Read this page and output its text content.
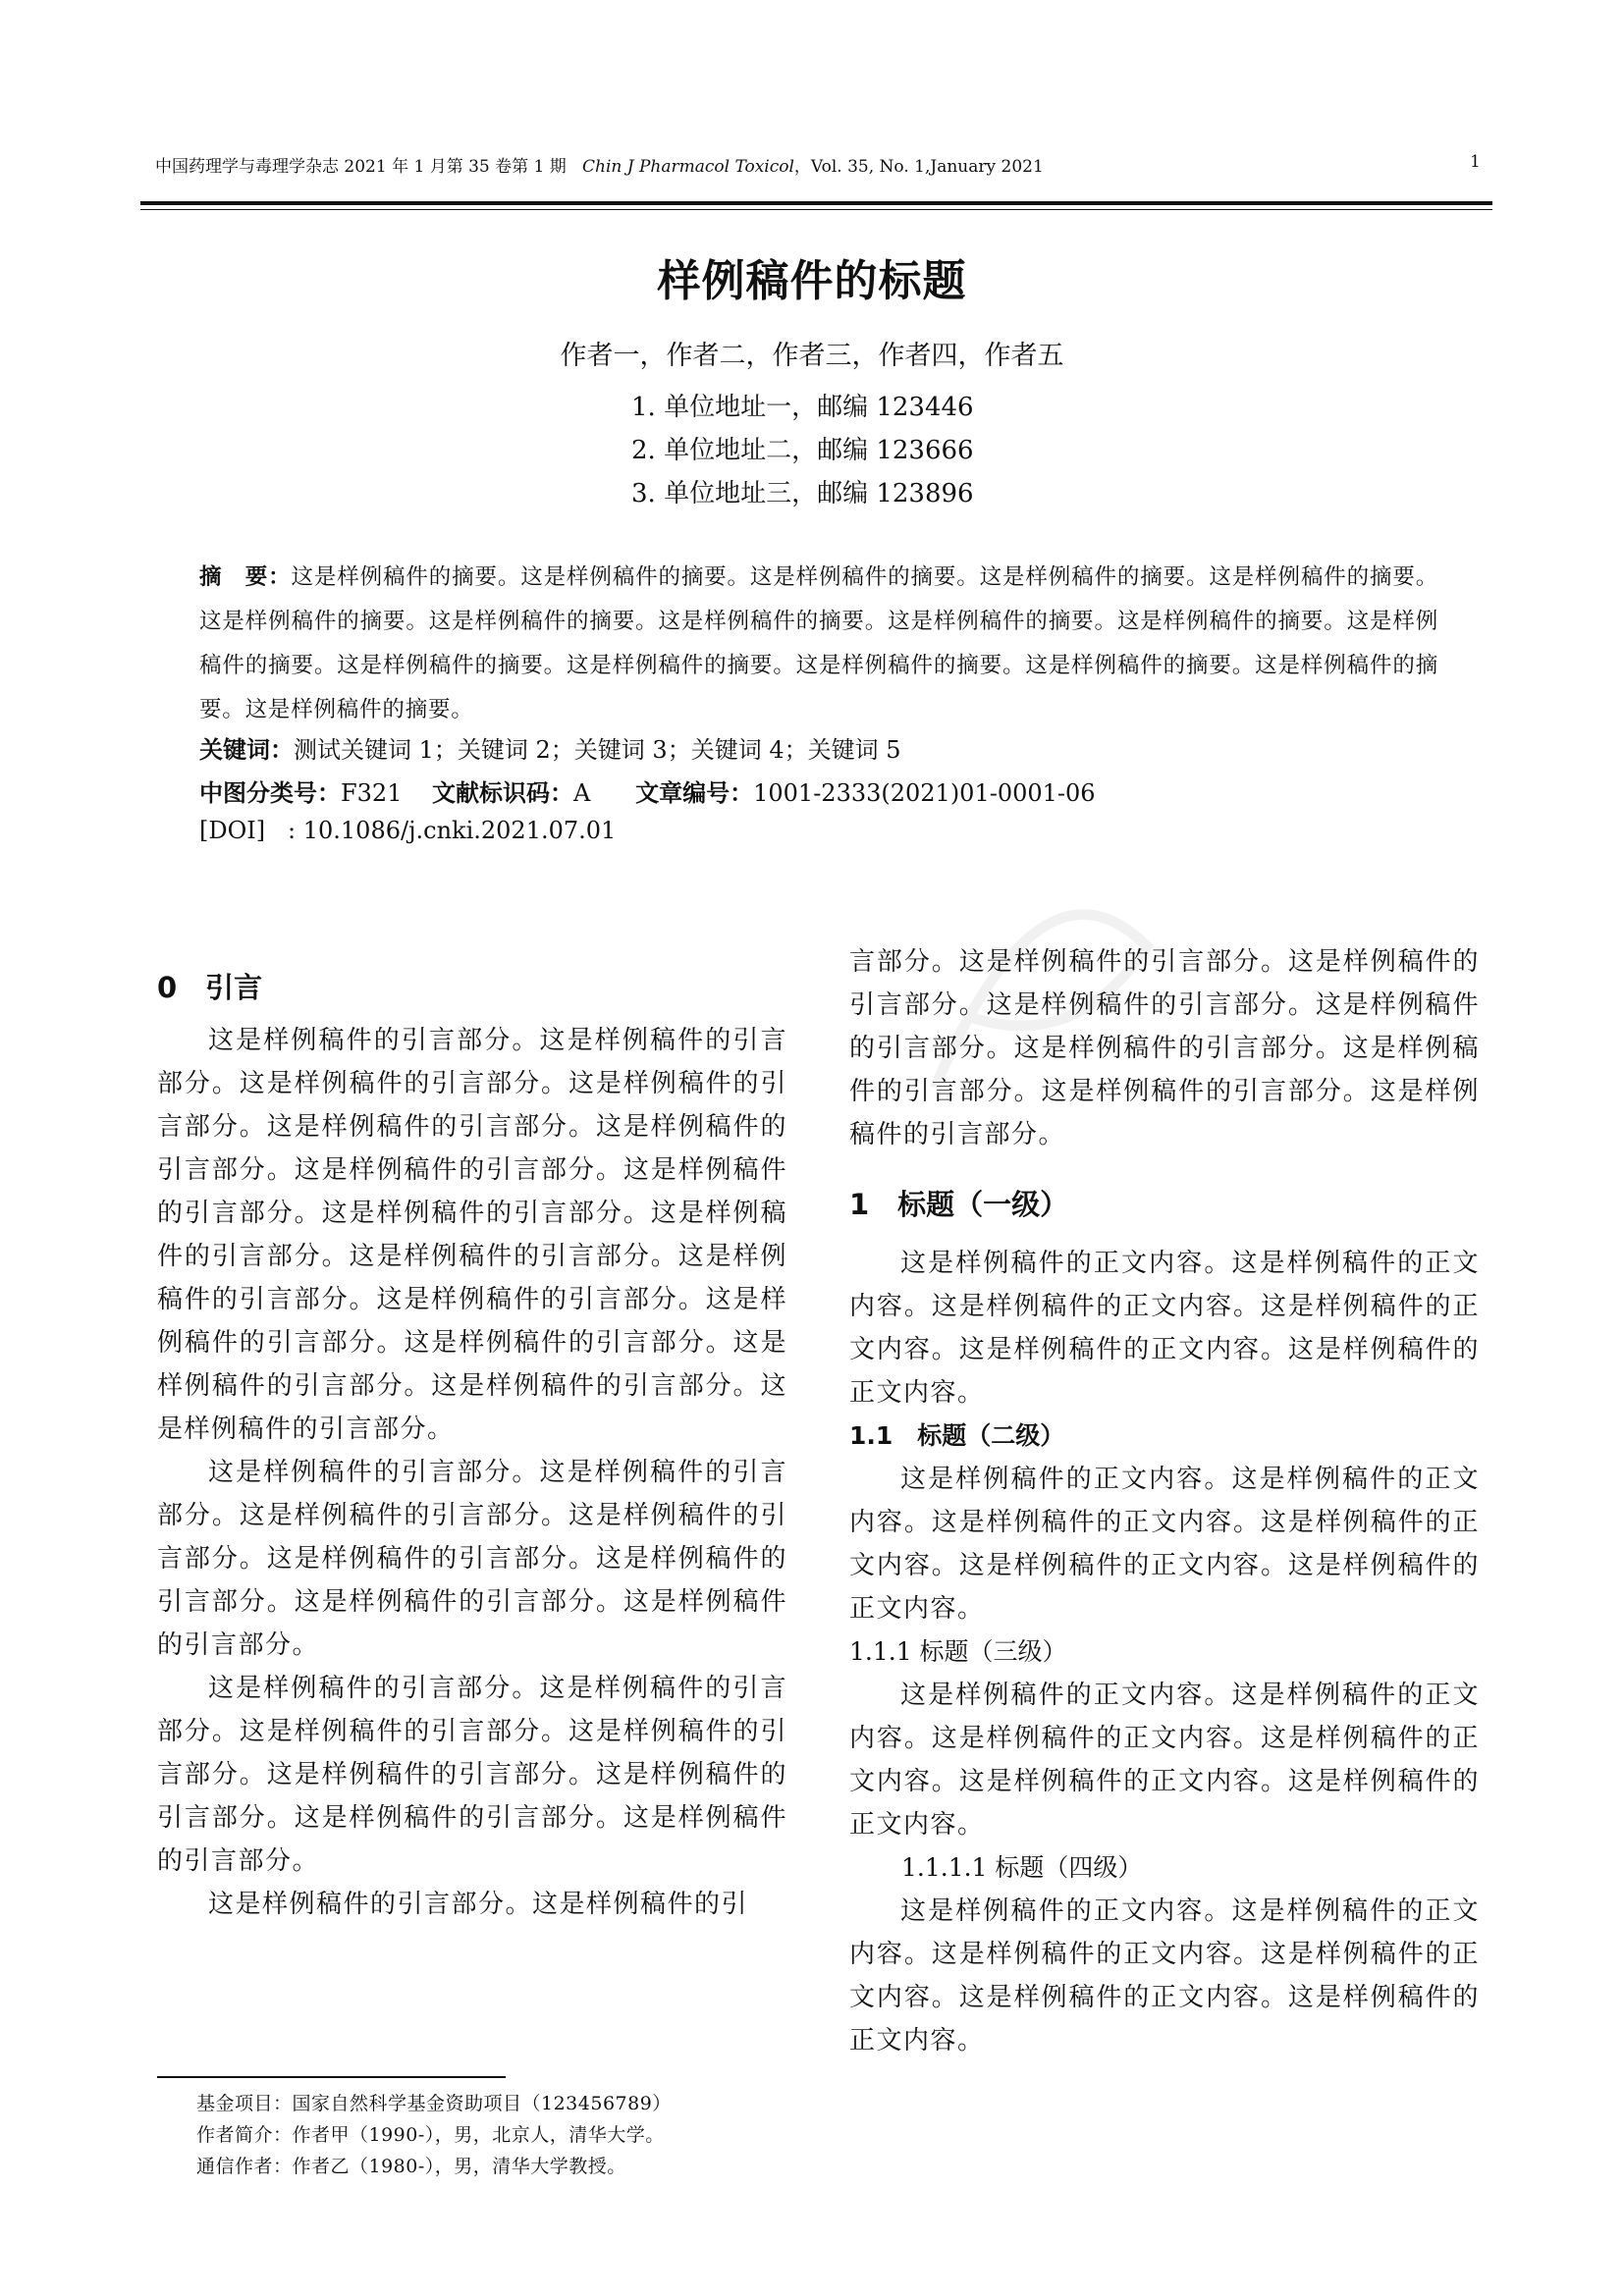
中国药理学与毒理学杂志 2021 年 1 月第 35 卷第 1 期 Chin J Pharmacol Toxicol，Vol. 35, No. 1,January 2021	1
样例稿件的标题
作者一，作者二，作者三，作者四，作者五
1. 单位地址一，邮编 123446
2. 单位地址二，邮编 123666
3. 单位地址三，邮编 123896
摘　要：这是样例稿件的摘要。这是样例稿件的摘要。这是样例稿件的摘要。这是样例稿件的摘要。这是样例稿件的摘要。这是样例稿件的摘要。这是样例稿件的摘要。这是样例稿件的摘要。这是样例稿件的摘要。这是样例稿件的摘要。这是样例稿件的摘要。这是样例稿件的摘要。这是样例稿件的摘要。这是样例稿件的摘要。这是样例稿件的摘要。这是样例稿件的摘要。这是样例稿件的摘要。
关键词：测试关键词 1；关键词 2；关键词 3；关键词 4；关键词 5
中图分类号：F321 文献标识码：A 文章编号：1001-2333(2021)01-0001-06
[DOI] : 10.1086/j.cnki.2021.07.01
0　引言

这是样例稿件的引言部分。这是样例稿件的引言部分。这是样例稿件的引言部分。这是样例稿件的引言部分。这是样例稿件的引言部分。这是样例稿件的引言部分。这是样例稿件的引言部分。这是样例稿件的引言部分。这是样例稿件的引言部分。这是样例稿件的引言部分。这是样例稿件的引言部分。这是样例稿件的引言部分。这是样例稿件的引言部分。这是样例稿件的引言部分。这是样例稿件的引言部分。这是样例稿件的引言部分。这是样例稿件的引言部分。这是样例稿件的引言部分。

这是样例稿件的引言部分。这是样例稿件的引言部分。这是样例稿件的引言部分。这是样例稿件的引言部分。这是样例稿件的引言部分。这是样例稿件的引言部分。这是样例稿件的引言部分。这是样例稿件的引言部分。

这是样例稿件的引言部分。这是样例稿件的引言部分。这是样例稿件的引言部分。这是样例稿件的引言部分。这是样例稿件的引言部分。这是样例稿件的引言部分。这是样例稿件的引言部分。这是样例稿件的引言部分。

这是样例稿件的引言部分。这是样例稿件的引

言部分。这是样例稿件的引言部分。这是样例稿件的引言部分。这是样例稿件的引言部分。这是样例稿件的引言部分。这是样例稿件的引言部分。这是样例稿件的引言部分。这是样例稿件的引言部分。这是样例稿件的引言部分。

1　标题（一级）

这是样例稿件的正文内容。这是样例稿件的正文内容。这是样例稿件的正文内容。这是样例稿件的正文内容。这是样例稿件的正文内容。这是样例稿件的正文内容。

1.1　标题（二级）

这是样例稿件的正文内容。这是样例稿件的正文内容。这是样例稿件的正文内容。这是样例稿件的正文内容。这是样例稿件的正文内容。这是样例稿件的正文内容。

1.1.1 标题（三级）

这是样例稿件的正文内容。这是样例稿件的正文内容。这是样例稿件的正文内容。这是样例稿件的正文内容。这是样例稿件的正文内容。这是样例稿件的正文内容。

1.1.1.1 标题（四级）

这是样例稿件的正文内容。这是样例稿件的正文内容。这是样例稿件的正文内容。这是样例稿件的正文内容。这是样例稿件的正文内容。这是样例稿件的正文内容。

基金项目：国家自然科学基金资助项目（123456789）
作者简介：作者甲（1990-），男，北京人，清华大学。
通信作者：作者乙（1980-），男，清华大学教授。
